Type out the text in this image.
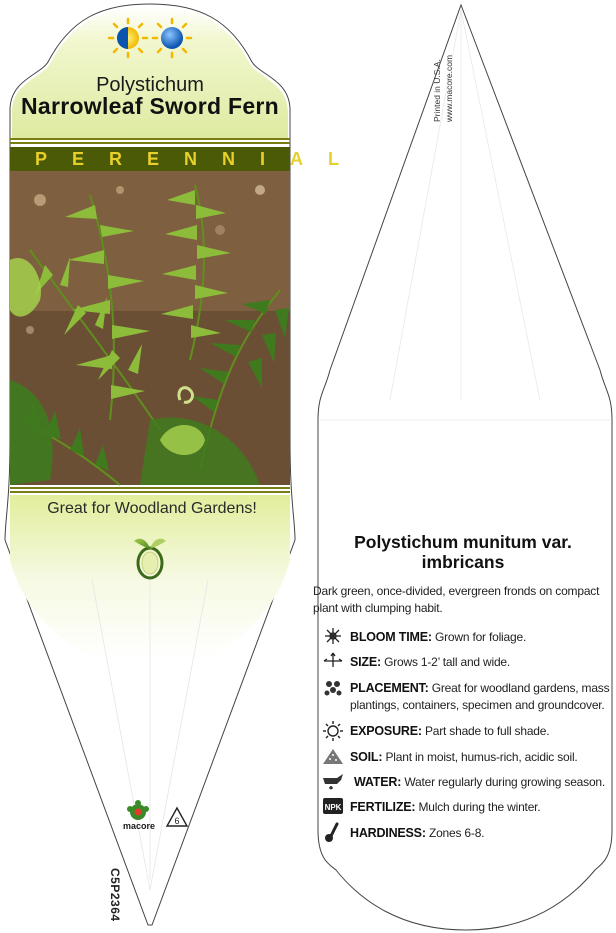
6
NPK
Polystichum
Narrowleaf Sword Fern
PERENNIAL
Great for Woodland Gardens!
macore
C5P2364
Printed in U.S.A. www.macore.com
Polystichum munitum var. imbricans
Dark green, once-divided, evergreen fronds on compact plant with clumping habit.
BLOOM TIME: Grown for foliage.
SIZE: Grows 1-2’ tall and wide.
PLACEMENT: Great for woodland gardens, mass plantings, containers, specimen and groundcover.
EXPOSURE: Part shade to full shade.
SOIL: Plant in moist, humus-rich, acidic soil.
WATER: Water regularly during growing season.
FERTILIZE: Mulch during the winter.
HARDINESS: Zones 6-8.
